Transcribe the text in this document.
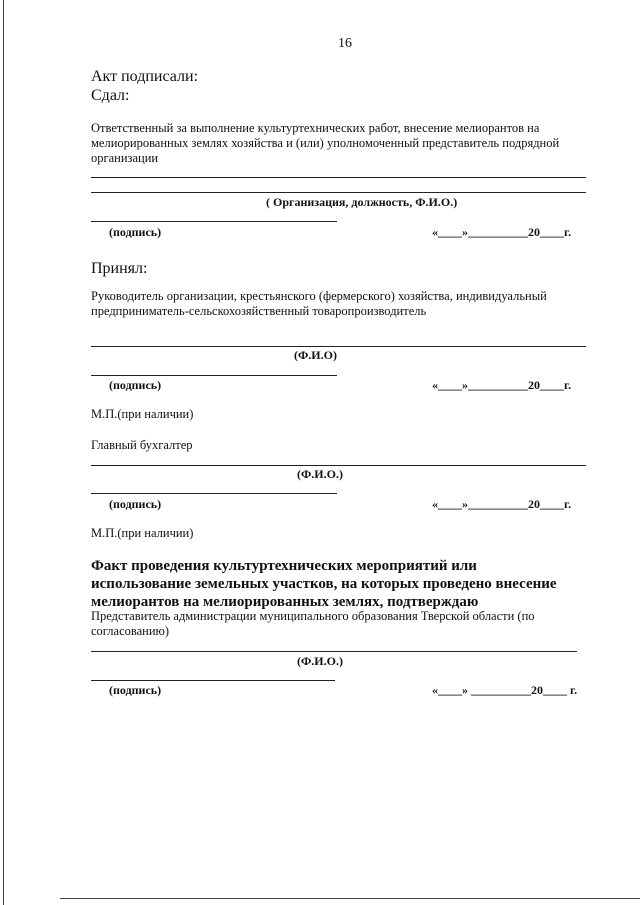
16
Акт подписали:
Сдал:
Ответственный за выполнение культуртехнических работ, внесение мелиорантов на мелиорированных землях хозяйства и (или) уполномоченный представитель подрядной организации
( Организация, должность, Ф.И.О.)
(подпись)	«____»__________20____г.
Принял:
Руководитель организации, крестьянского (фермерского) хозяйства, индивидуальный предприниматель-сельскохозяйственный товаропроизводитель
(Ф.И.О)
(подпись)	«____»__________20____г.
М.П.(при наличии)
Главный бухгалтер
(Ф.И.О.)
(подпись)	«____»__________20____г.
М.П.(при наличии)
Факт проведения культуртехнических мероприятий или использование земельных участков, на которых проведено внесение мелиорантов на мелиорированных землях, подтверждаю
Представитель администрации муниципального образования Тверской области (по согласованию)
(Ф.И.О.)
(подпись)	«____» __________20____ г.
